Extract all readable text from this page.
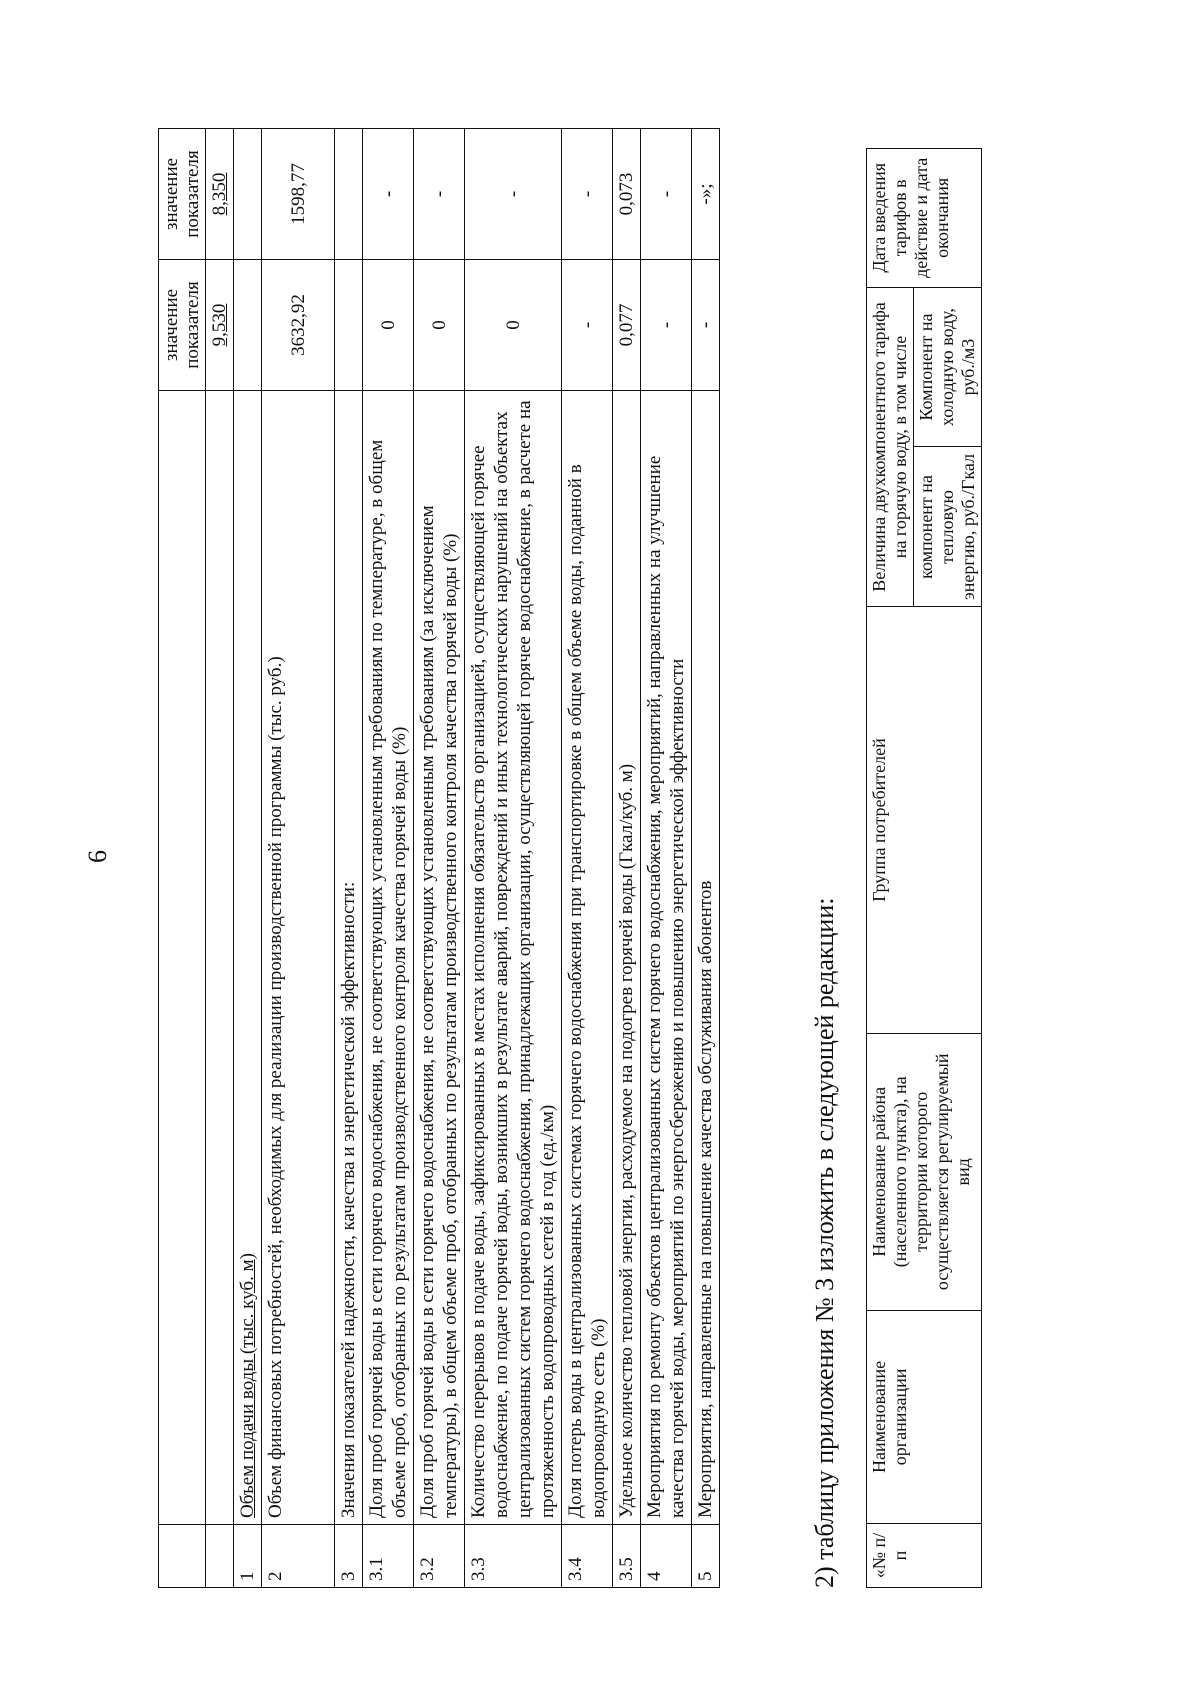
6
		значение показателя	значение показателя
		9,530	8,350
1	Объем подачи воды (тыс. куб. м)		
2	Объем финансовых потребностей, необходимых для реализации производственной программы (тыс. руб.)	3632,92	1598,77
3	Значения показателей надежности, качества и энергетической эффективности:		
3.1	Доля проб горячей воды в сети горячего водоснабжения, не соответствующих установленным требованиям по температуре, в общем объеме проб, отобранных по результатам производственного контроля качества горячей воды (%)	0	-
3.2	Доля проб горячей воды в сети горячего водоснабжения, не соответствующих установленным требованиям (за исключением температуры), в общем объеме проб, отобранных по результатам производственного контроля качества горячей воды (%)	0	-
3.3	Количество перерывов в подаче воды, зафиксированных в местах исполнения обязательств организацией, осуществляющей горячее водоснабжение, по подаче горячей воды, возникших в результате аварий, повреждений и иных технологических нарушений на объектах централизованных систем горячего водоснабжения, принадлежащих организации, осуществляющей горячее водоснабжение, в расчете на протяженность водопроводных сетей в год (ед./км)	0	-
3.4	Доля потерь воды в централизованных системах горячего водоснабжения при транспортировке в общем объеме воды, поданной в водопроводную сеть (%)	-	-
3.5	Удельное количество тепловой энергии, расходуемое на подогрев горячей воды (Гкал/куб. м)	0,077	0,073
4	Мероприятия по ремонту объектов централизованных систем горячего водоснабжения, мероприятий, направленных на улучшение качества горячей воды, мероприятий по энергосбережению и повышению энергетической эффективности	-	-
5	Мероприятия, направленные на повышение качества обслуживания абонентов	-	-»;
2) таблицу приложения № 3 изложить в следующей редакции: «№ п/п	Наименование организации	Наименование района (населенного пункта), на территории которого осуществляется регулируемый вид	Группа потребителей	Величина двухкомпонентного тарифа на горячую воду, в том числе		Дата введения тарифов в действие и дата окончания
				компонент на тепловую энергию, руб./Гкал	Компонент на холодную воду, руб./м3	
